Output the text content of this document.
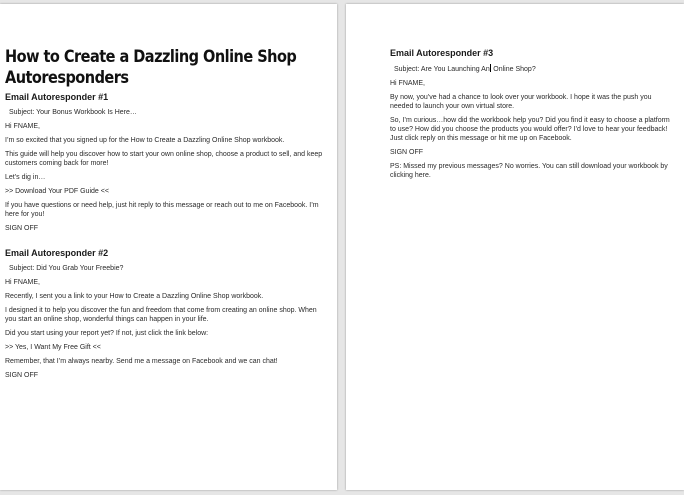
How to Create a Dazzling Online Shop Autoresponders
Email Autoresponder #1
Subject: Your Bonus Workbook Is Here…
Hi FNAME,
I’m so excited that you signed up for the How to Create a Dazzling Online Shop workbook.
This guide will help you discover how to start your own online shop, choose a product to sell, and keep customers coming back for more!
Let’s dig in…
>> Download Your PDF Guide <<
If you have questions or need help, just hit reply to this message or reach out to me on Facebook. I’m here for you!
SIGN OFF
Email Autoresponder #2
Subject: Did You Grab Your Freebie?
Hi FNAME,
Recently, I sent you a link to your How to Create a Dazzling Online Shop workbook.
I designed it to help you discover the fun and freedom that come from creating an online shop. When you start an online shop, wonderful things can happen in your life.
Did you start using your report yet? If not, just click the link below:
>> Yes, I Want My Free Gift <<
Remember, that I’m always nearby. Send me a message on Facebook and we can chat!
SIGN OFF
Email Autoresponder #3
Subject: Are You Launching An Online Shop?
Hi FNAME,
By now, you’ve had a chance to look over your workbook. I hope it was the push you needed to launch your own virtual store.
So, I’m curious…how did the workbook help you? Did you find it easy to choose a platform to use? How did you choose the products you would offer? I’d love to hear your feedback! Just click reply on this message or hit me up on Facebook.
SIGN OFF
PS: Missed my previous messages? No worries. You can still download your workbook by clicking here.
